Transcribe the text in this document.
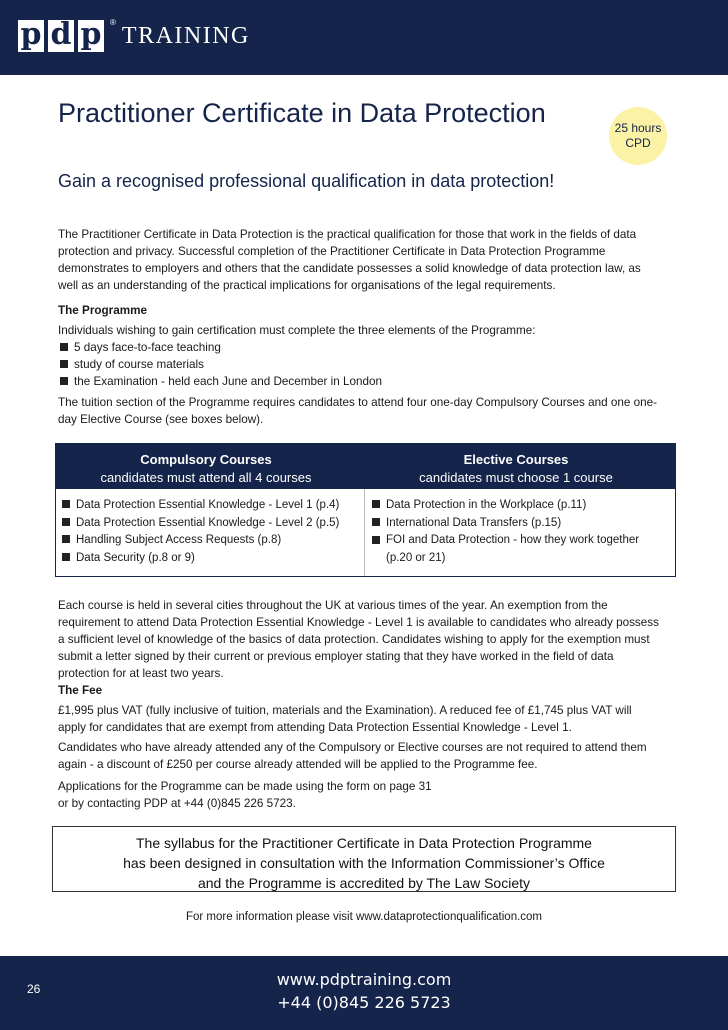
p d p	®
TRAINING
Practitioner Certificate in Data Protection	25 hours
CPD
Gain a recognised professional qualification in data protection!
The Practitioner Certificate in Data Protection is the practical qualification for those that work in the fields of data protection and privacy. Successful completion of the Practitioner Certificate in Data Protection Programme demonstrates to employers and others that the candidate possesses a solid knowledge of data protection law, as well as an understanding of the practical implications for organisations of the legal requirements.
The Programme

Individuals wishing to gain certification must complete the three elements of the Programme:

5 days face-to-face teaching
study of course materials
the Examination - held each June and December in London
The tuition section of the Programme requires candidates to attend four one-day Compulsory Courses and one one-day Elective Course (see boxes below).
Compulsory Courses
candidates must attend all 4 courses
Elective Courses
candidates must choose 1 course
Data Protection Essential Knowledge - Level 1 (p.4)
Data Protection Essential Knowledge - Level 2 (p.5)
Handling Subject Access Requests (p.8)
Data Security (p.8 or 9)
Data Protection in the Workplace (p.11)
International Data Transfers (p.15)
FOI and Data Protection - how they work together (p.20 or 21)
Each course is held in several cities throughout the UK at various times of the year. An exemption from the requirement to attend Data Protection Essential Knowledge - Level 1 is available to candidates who already possess a sufficient level of knowledge of the basics of data protection. Candidates wishing to apply for the exemption must submit a letter signed by their current or previous employer stating that they have worked in the field of data protection for at least two years.
The Fee
£1,995 plus VAT (fully inclusive of tuition, materials and the Examination). A reduced fee of £1,745 plus VAT will apply for candidates that are exempt from attending Data Protection Essential Knowledge - Level 1.
Candidates who have already attended any of the Compulsory or Elective courses are not required to attend them again - a discount of £250 per course already attended will be applied to the Programme fee.

Applications for the Programme can be made using the form on page 31

or by contacting PDP at +44 (0)845 226 5723.

The syllabus for the Practitioner Certificate in Data Protection Programme
has been designed in consultation with the Information Commissioner’s Office
and the Programme is accredited by The Law Society
For more information please visit www.dataprotectionqualification.com
26	www.pdptraining.com
+44 (0)845 226 5723
